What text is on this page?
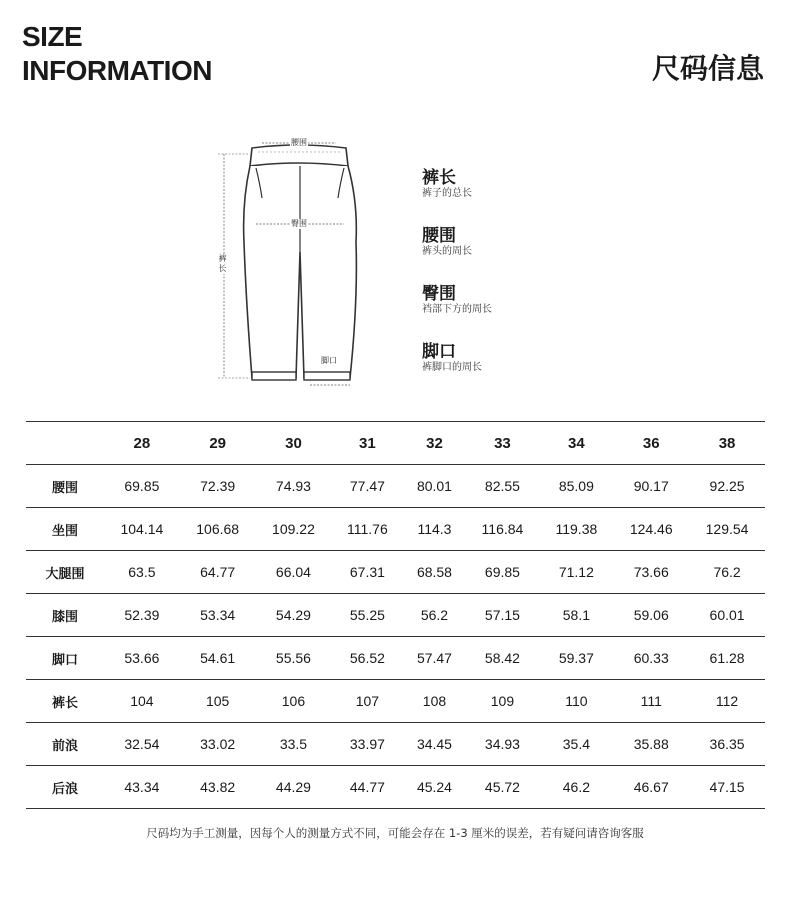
SIZE
INFORMATION	尺码信息
腰围
臀围
裤长
脚口
裤长
裤子的总长
腰围
裤头的周长
臀围
裆部下方的周长
脚口
裤脚口的周长
	28	29	30	31	32	33	34	36	38
腰围	69.85	72.39	74.93	77.47	80.01	82.55	85.09	90.17	92.25
坐围	104.14	106.68	109.22	111.76	114.3	116.84	119.38	124.46	129.54
大腿围	63.5	64.77	66.04	67.31	68.58	69.85	71.12	73.66	76.2
膝围	52.39	53.34	54.29	55.25	56.2	57.15	58.1	59.06	60.01
脚口	53.66	54.61	55.56	56.52	57.47	58.42	59.37	60.33	61.28
裤长	104	105	106	107	108	109	110	111	112
前浪	32.54	33.02	33.5	33.97	34.45	34.93	35.4	35.88	36.35
后浪	43.34	43.82	44.29	44.77	45.24	45.72	46.2	46.67	47.15
尺码均为手工测量，因每个人的测量方式不同，可能会存在 1-3 厘米的误差，若有疑问请咨询客服
